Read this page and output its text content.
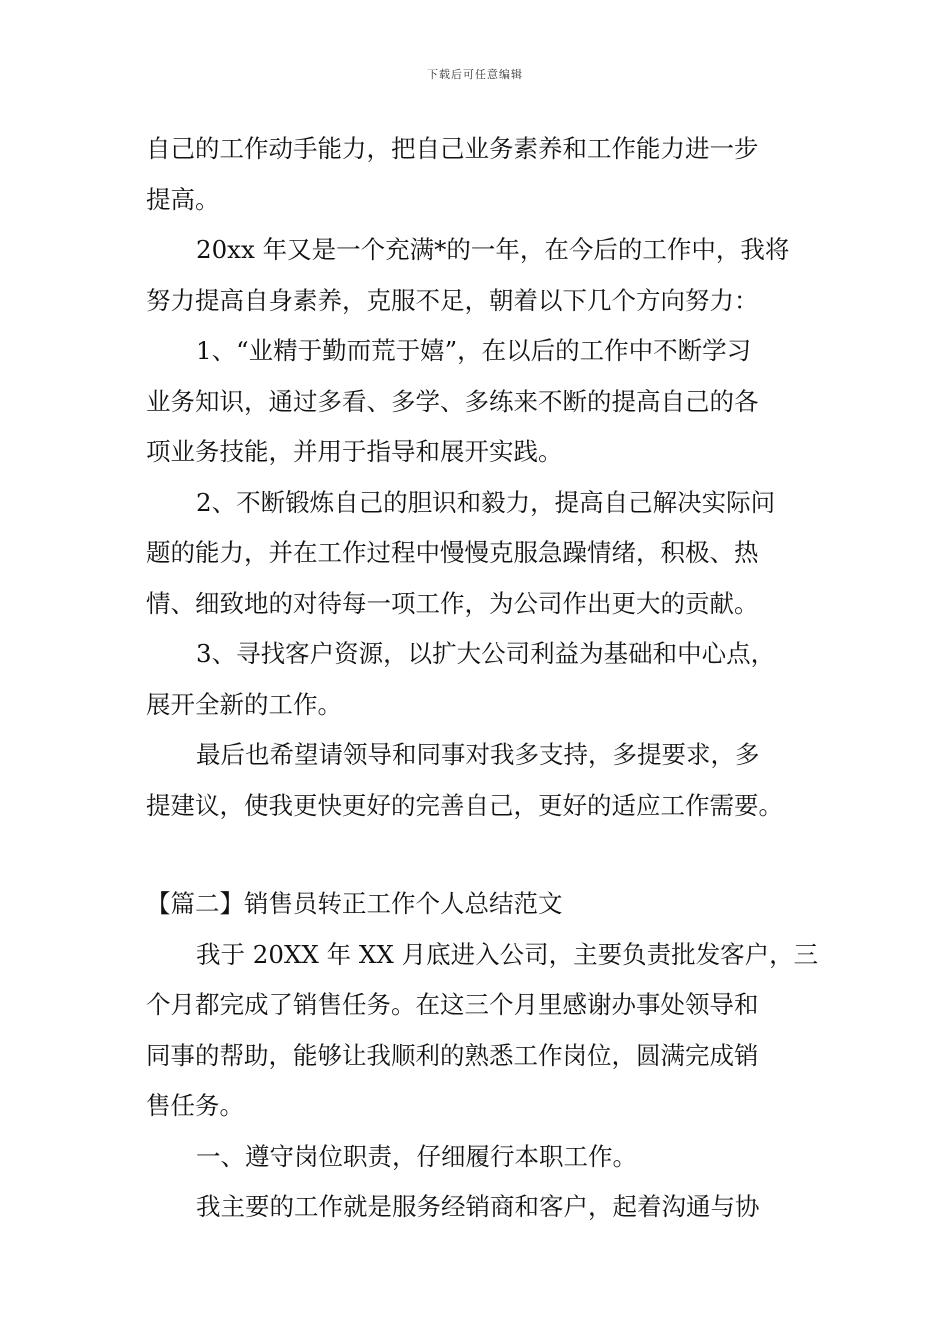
下载后可任意编辑
自己的工作动手能力，把自己业务素养和工作能力进一步
提高。
20xx 年又是一个充满*的一年，在今后的工作中，我将
努力提高自身素养，克服不足，朝着以下几个方向努力：
1、“业精于勤而荒于嬉”，在以后的工作中不断学习
业务知识，通过多看、多学、多练来不断的提高自己的各
项业务技能，并用于指导和展开实践。
2、不断锻炼自己的胆识和毅力，提高自己解决实际问
题的能力，并在工作过程中慢慢克服急躁情绪，积极、热
情、细致地的对待每一项工作，为公司作出更大的贡献。
3、寻找客户资源，以扩大公司利益为基础和中心点，
展开全新的工作。
最后也希望请领导和同事对我多支持，多提要求，多
提建议，使我更快更好的完善自己，更好的适应工作需要。
【篇二】销售员转正工作个人总结范文
我于 20XX 年 XX 月底进入公司，主要负责批发客户，三
个月都完成了销售任务。在这三个月里感谢办事处领导和
同事的帮助，能够让我顺利的熟悉工作岗位，圆满完成销
售任务。
一、遵守岗位职责，仔细履行本职工作。
我主要的工作就是服务经销商和客户，起着沟通与协
